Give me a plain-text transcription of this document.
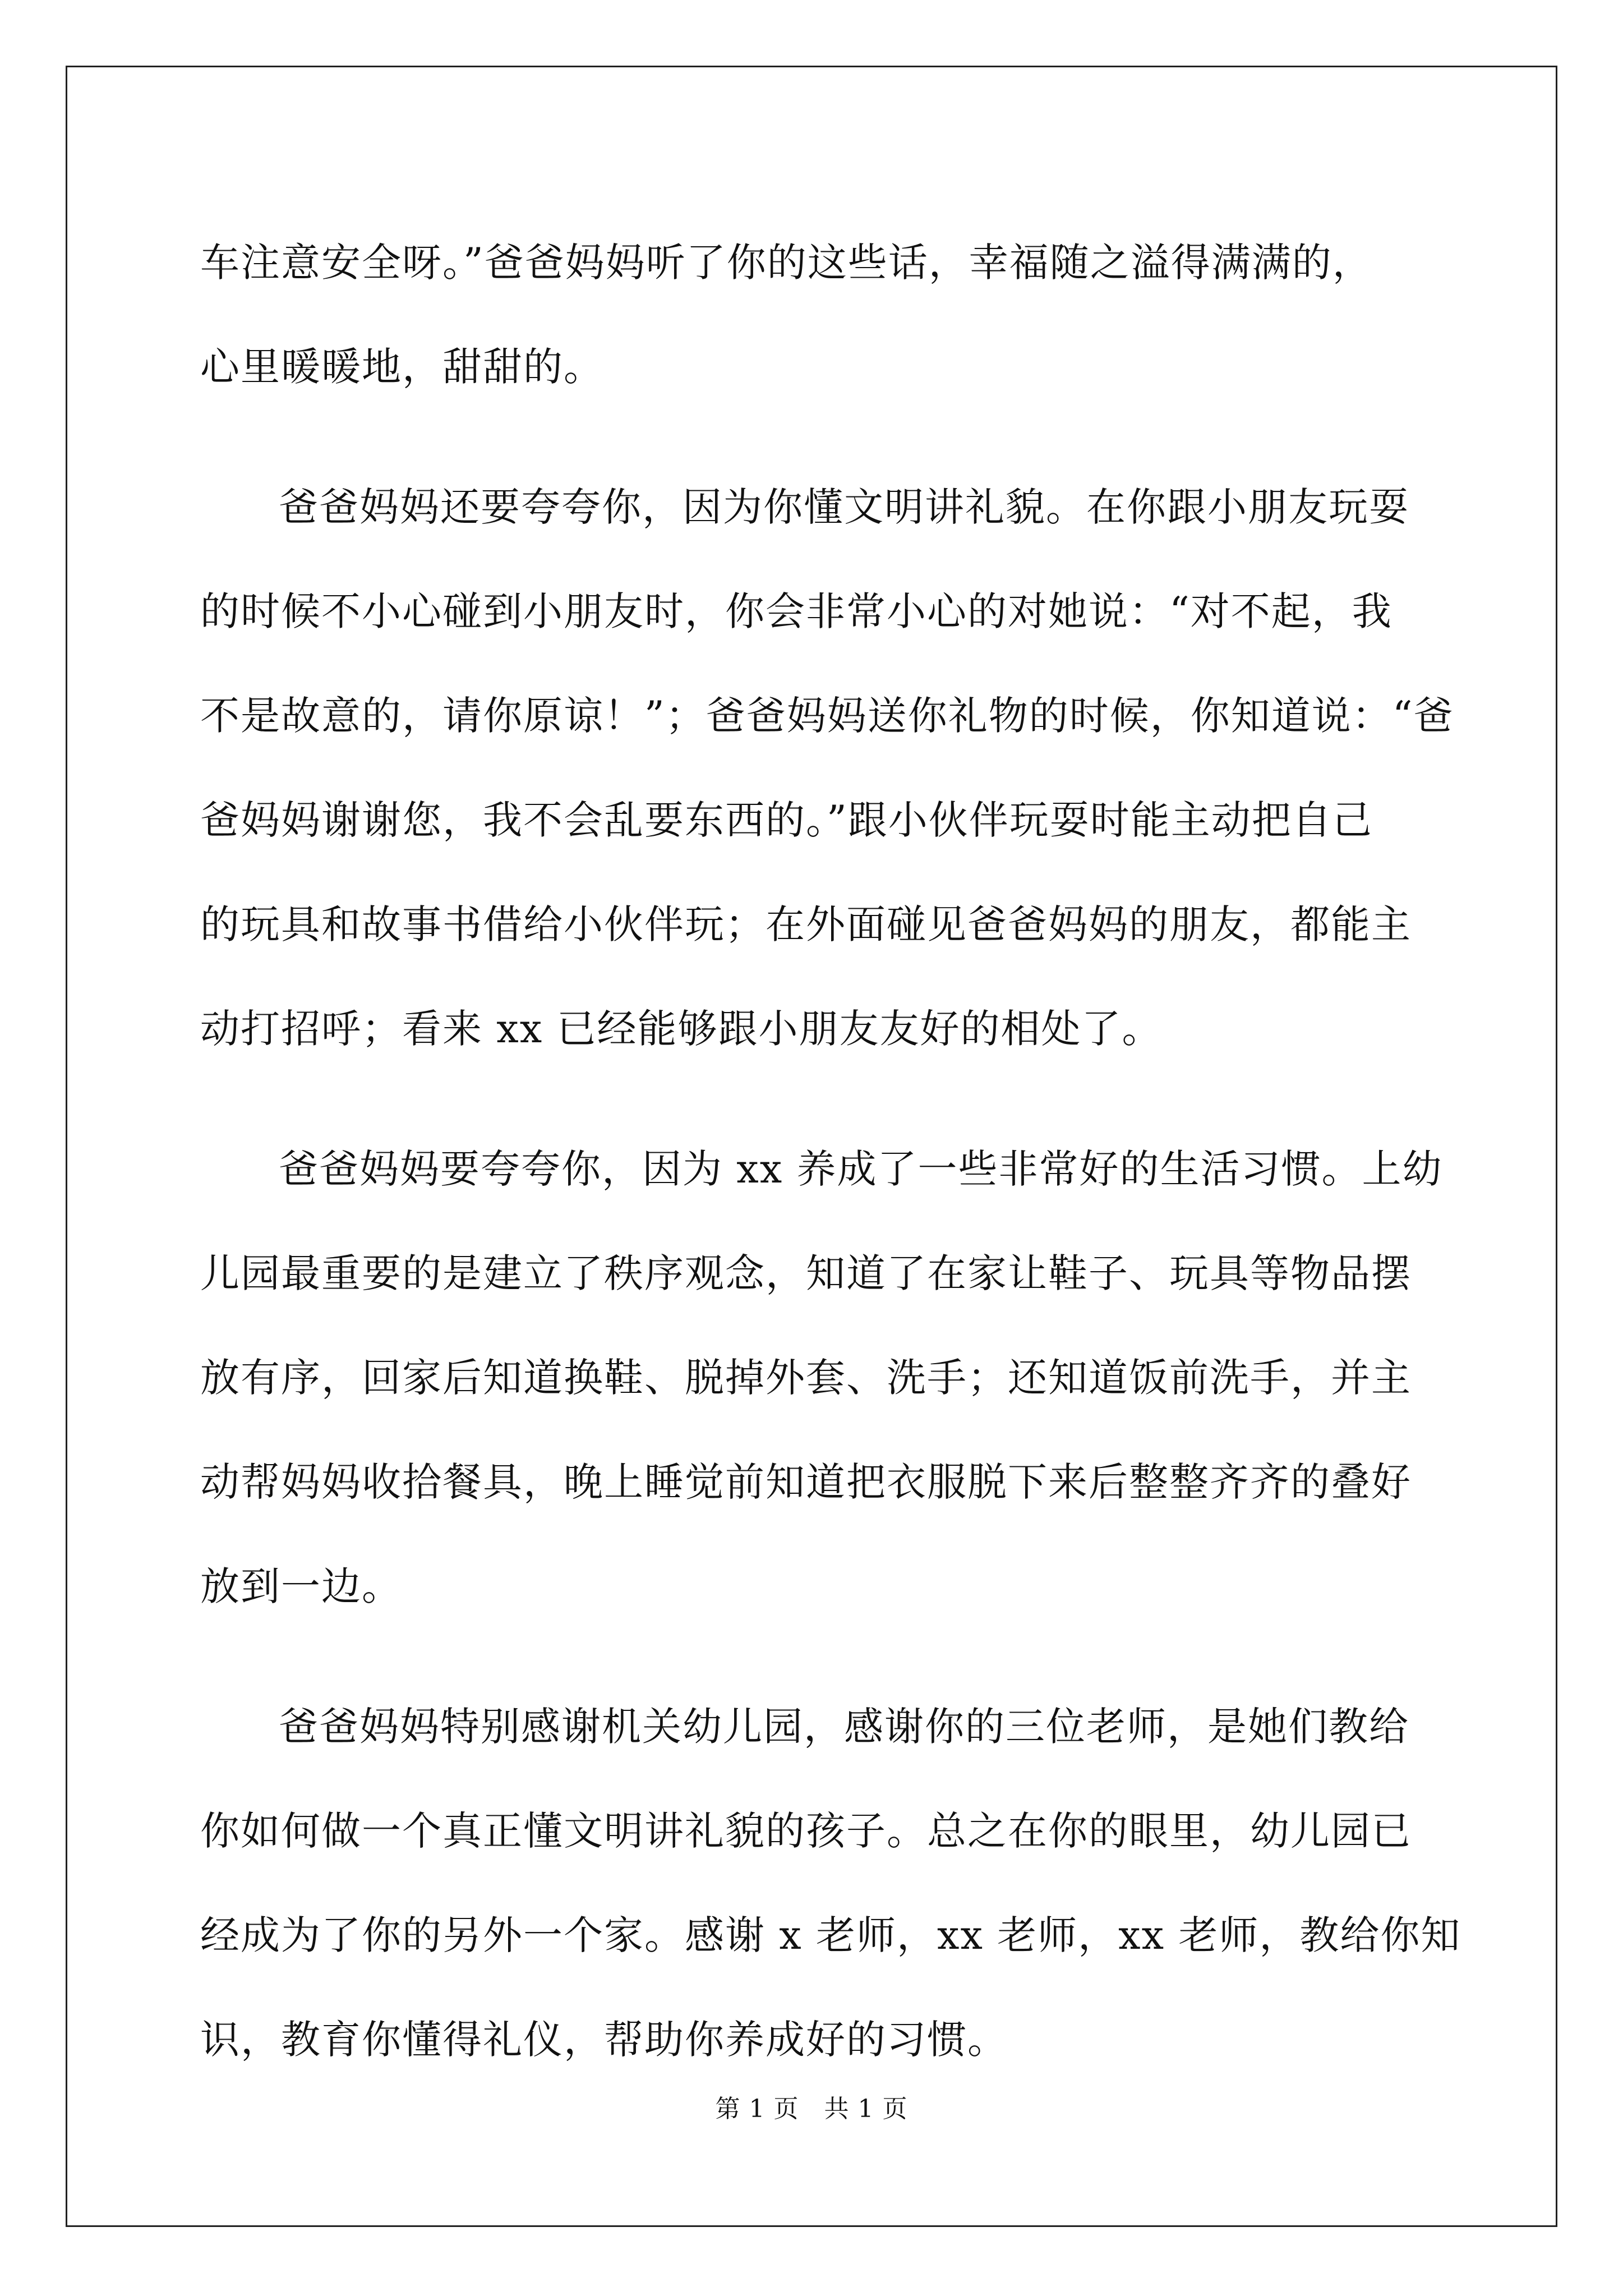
车注意安全呀。”爸爸妈妈听了你的这些话，幸福随之溢得满满的，
心里暖暖地，甜甜的。
爸爸妈妈还要夸夸你，因为你懂文明讲礼貌。在你跟小朋友玩耍
的时候不小心碰到小朋友时，你会非常小心的对她说：“对不起，我
不是故意的，请你原谅！”；爸爸妈妈送你礼物的时候，你知道说：“爸
爸妈妈谢谢您，我不会乱要东西的。”跟小伙伴玩耍时能主动把自己
的玩具和故事书借给小伙伴玩；在外面碰见爸爸妈妈的朋友，都能主
动打招呼；看来 xx 已经能够跟小朋友友好的相处了。
爸爸妈妈要夸夸你，因为 xx 养成了一些非常好的生活习惯。上幼
儿园最重要的是建立了秩序观念，知道了在家让鞋子、玩具等物品摆
放有序，回家后知道换鞋、脱掉外套、洗手；还知道饭前洗手，并主
动帮妈妈收拾餐具，晚上睡觉前知道把衣服脱下来后整整齐齐的叠好
放到一边。
爸爸妈妈特别感谢机关幼儿园，感谢你的三位老师，是她们教给
你如何做一个真正懂文明讲礼貌的孩子。总之在你的眼里，幼儿园已
经成为了你的另外一个家。感谢 x 老师，xx 老师，xx 老师，教给你知
识，教育你懂得礼仪，帮助你养成好的习惯。
第 1 页　共 1 页
